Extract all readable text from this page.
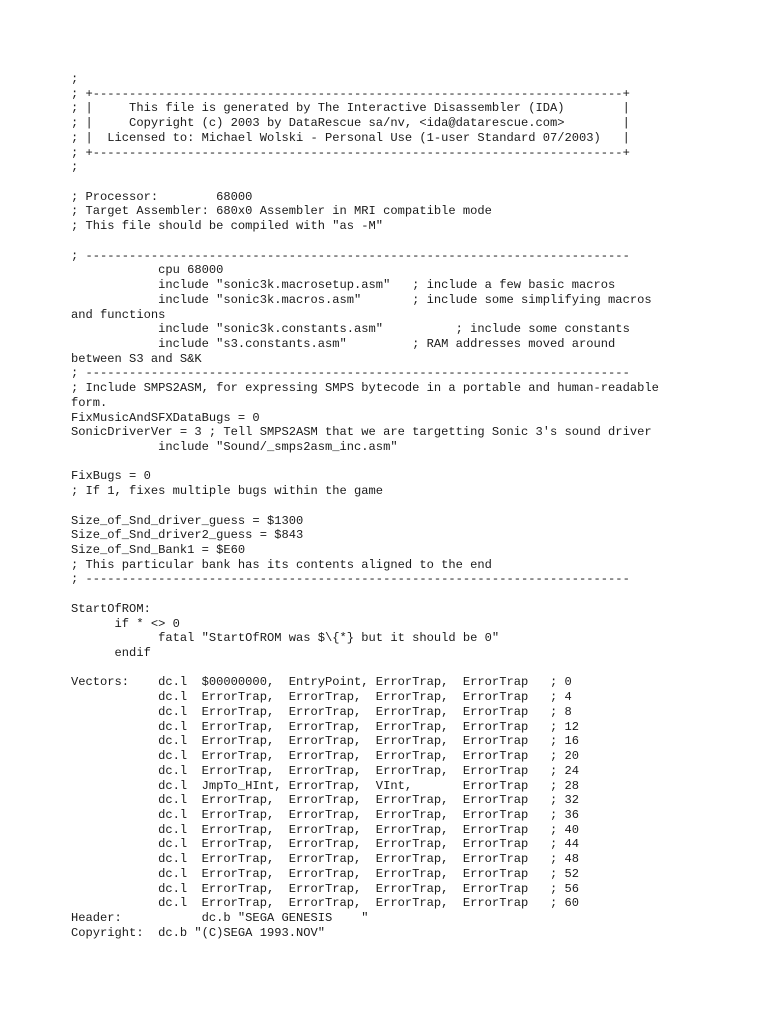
;
; +-------------------------------------------------------------------------+
; |     This file is generated by The Interactive Disassembler (IDA)        |
; |     Copyright (c) 2003 by DataRescue sa/nv, <ida@datarescue.com>        |
; |  Licensed to: Michael Wolski - Personal Use (1-user Standard 07/2003)   |
; +-------------------------------------------------------------------------+
;
; Processor:        68000
; Target Assembler: 680x0 Assembler in MRI compatible mode
; This file should be compiled with "as -M"
; ---------------------------------------------------------------------------
cpu 68000
include "sonic3k.macrosetup.asm"   ; include a few basic macros
include "sonic3k.macros.asm"       ; include some simplifying macros
and functions
include "sonic3k.constants.asm"          ; include some constants
include "s3.constants.asm"         ; RAM addresses moved around
between S3 and S&K
; ---------------------------------------------------------------------------
; Include SMPS2ASM, for expressing SMPS bytecode in a portable and human-readable
form.
FixMusicAndSFXDataBugs = 0
SonicDriverVer = 3 ; Tell SMPS2ASM that we are targetting Sonic 3's sound driver
include "Sound/_smps2asm_inc.asm"
FixBugs = 0
; If 1, fixes multiple bugs within the game
Size_of_Snd_driver_guess = $1300
Size_of_Snd_driver2_guess = $843
Size_of_Snd_Bank1 = $E60
; This particular bank has its contents aligned to the end
; ---------------------------------------------------------------------------
StartOfROM:
if * <> 0
fatal "StartOfROM was $\{*} but it should be 0"
endif
Vectors:    dc.l  $00000000,  EntryPoint, ErrorTrap,  ErrorTrap   ; 0
dc.l  ErrorTrap,  ErrorTrap,  ErrorTrap,  ErrorTrap   ; 4
dc.l  ErrorTrap,  ErrorTrap,  ErrorTrap,  ErrorTrap   ; 8
dc.l  ErrorTrap,  ErrorTrap,  ErrorTrap,  ErrorTrap   ; 12
dc.l  ErrorTrap,  ErrorTrap,  ErrorTrap,  ErrorTrap   ; 16
dc.l  ErrorTrap,  ErrorTrap,  ErrorTrap,  ErrorTrap   ; 20
dc.l  ErrorTrap,  ErrorTrap,  ErrorTrap,  ErrorTrap   ; 24
dc.l  JmpTo_HInt, ErrorTrap,  VInt,       ErrorTrap   ; 28
dc.l  ErrorTrap,  ErrorTrap,  ErrorTrap,  ErrorTrap   ; 32
dc.l  ErrorTrap,  ErrorTrap,  ErrorTrap,  ErrorTrap   ; 36
dc.l  ErrorTrap,  ErrorTrap,  ErrorTrap,  ErrorTrap   ; 40
dc.l  ErrorTrap,  ErrorTrap,  ErrorTrap,  ErrorTrap   ; 44
dc.l  ErrorTrap,  ErrorTrap,  ErrorTrap,  ErrorTrap   ; 48
dc.l  ErrorTrap,  ErrorTrap,  ErrorTrap,  ErrorTrap   ; 52
dc.l  ErrorTrap,  ErrorTrap,  ErrorTrap,  ErrorTrap   ; 56
dc.l  ErrorTrap,  ErrorTrap,  ErrorTrap,  ErrorTrap   ; 60
Header:           dc.b "SEGA GENESIS    "
Copyright:  dc.b "(C)SEGA 1993.NOV"
